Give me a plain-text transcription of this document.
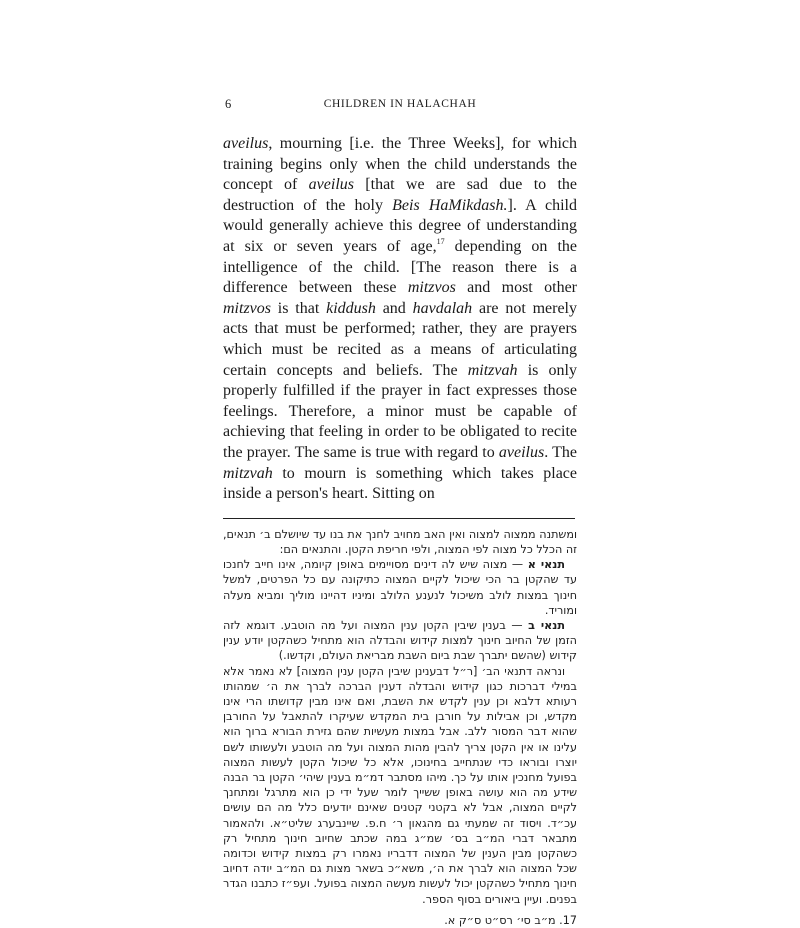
6	CHILDREN IN HALACHAH

aveilus, mourning [i.e. the Three Weeks], for which training begins only when the child understands the concept of aveilus [that we are sad due to the destruction of the holy Beis HaMikdash.]. A child would generally achieve this degree of understanding at six or seven years of age,$^{17}$ depending on the intelligence of the child. [The reason there is a difference between these mitzvos and most other mitzvos is that kiddush and havdalah are not merely acts that must be performed; rather, they are prayers which must be recited as a means of articulating certain concepts and beliefs. The mitzvah is only properly fulfilled if the prayer in fact expresses those feelings. Therefore, a minor must be capable of achieving that feeling in order to be obligated to recite the prayer. The same is true with regard to aveilus. The mitzvah to mourn is something which takes place inside a person's heart. Sitting on

ומשתנה ממצוה למצוה ואין האב מחויב לחנך את בנו עד שיושלם ב׳ תנאים, זה הכלל כל מצוה לפי המצוה, ולפי חריפת הקטן. והתנאים הם:

תנאי א — מצוה שיש לה דינים מסויימים באופן קיומה, אינו חייב לחנכו עד שהקטן בר הכי שיכול לקיים המצוה כתיקונה עם כל הפרטים, למשל חינוך במצות לולב משיכול לנענע הלולב ומיניו דהיינו מוליך ומביא מעלה ומוריד.

תנאי ב — בענין שיבין הקטן ענין המצוה ועל מה הוטבע. דוגמא לזה הזמן של החיוב חינוך למצות קידוש והבדלה הוא מתחיל כשהקטן יודע ענין קידוש (שהשם יתברך שבת ביום השבת מבריאת העולם, וקדשו.)

ונראה דתנאי הב׳ [ר״ל דבענינן שיבין הקטן ענין המצוה] לא נאמר אלא במילי דברכות כגון קידוש והבדלה דענין הברכה לברך את ה׳ שמהותו רעותא דלבא וכן ענין לקדש את השבת, ואם אינו מבין קדושתו הרי אינו מקדש, וכן אבילות על חורבן בית המקדש שעיקרו להתאבל על החורבן שהוא דבר המסור ללב. אבל במצות מעשיות שהם גזירת הבורא ברוך הוא עלינו או אין הקטן צריך להבין מהות המצוה ועל מה הוטבע ולעשותו לשם יוצרו ובוראו כדי שנתחייב בחינוכו, אלא כל שיכול הקטן לעשות המצוה בפועל מחנכין אותו על כך. מיהו מסתבר דמ״מ בענין שיהי׳ הקטן בר הבנה שידע מה הוא עושה באופן ששייך לומר שעל ידי כן הוא מתרגל ומתחנך לקיים המצוה, אבל לא בקטני קטנים שאינם יודעים כלל מה הם עושים עכ״ד. ויסוד זה שמעתי גם מהגאון ר׳ ח.פ. שיינבערג שליט״א. ולהאמור מתבאר דברי המ״ב בס׳ שמ״ג במה שכתב שחיוב חינוך מתחיל רק כשהקטן מבין הענין של המצוה דדבריו נאמרו רק במצות קידוש וכדומה שכל המצוה הוא לברך את ה׳, משא״כ בשאר מצות גם המ״ב יודה דחיוב חינוך מתחיל כשהקטן יכול לעשות מעשה המצוה בפועל. ועפ״ז כתבנו הגדר בפנים. ועיין ביאורים בסוף הספר.

17. מ״ב סי׳ רס״ט ס״ק א.
